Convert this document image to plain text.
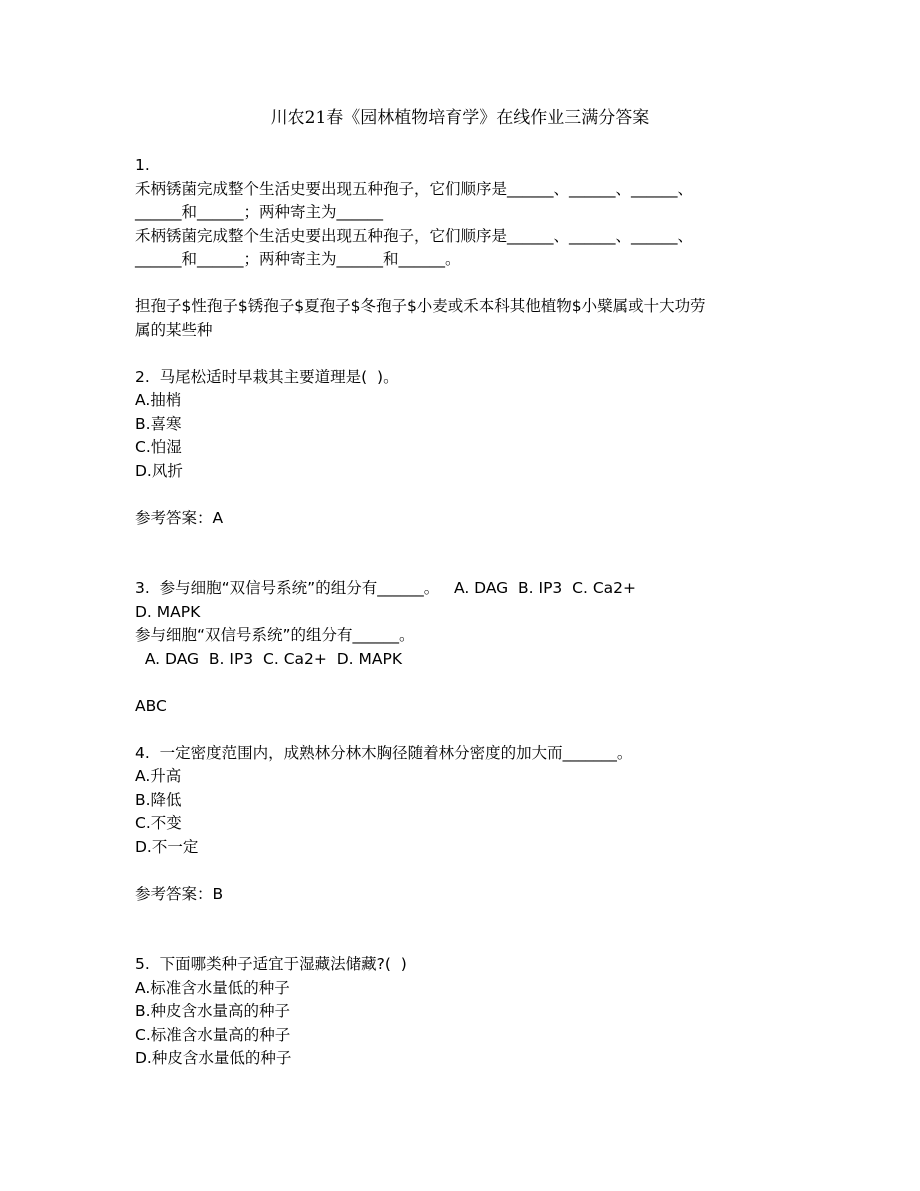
川农21春《园林植物培育学》在线作业三满分答案
1.
禾柄锈菌完成整个生活史要出现五种孢子，它们顺序是______、______、______、
______和______；两种寄主为______
禾柄锈菌完成整个生活史要出现五种孢子，它们顺序是______、______、______、
______和______；两种寄主为______和______。
担孢子$性孢子$锈孢子$夏孢子$冬孢子$小麦或禾本科其他植物$小檗属或十大功劳
属的某些种
2.  马尾松适时早栽其主要道理是(  )。
A.抽梢
B.喜寒
C.怕湿
D.风折
参考答案：A
3.  参与细胞“双信号系统”的组分有______。   A. DAG  B. IP3  C. Ca2+
D. MAPK
参与细胞“双信号系统”的组分有______。
A. DAG  B. IP3  C. Ca2+  D. MAPK
ABC
4.  一定密度范围内，成熟林分林木胸径随着林分密度的加大而_______。
A.升高
B.降低
C.不变
D.不一定
参考答案：B
5.  下面哪类种子适宜于湿藏法储藏?(  )
A.标准含水量低的种子
B.种皮含水量高的种子
C.标准含水量高的种子
D.种皮含水量低的种子
